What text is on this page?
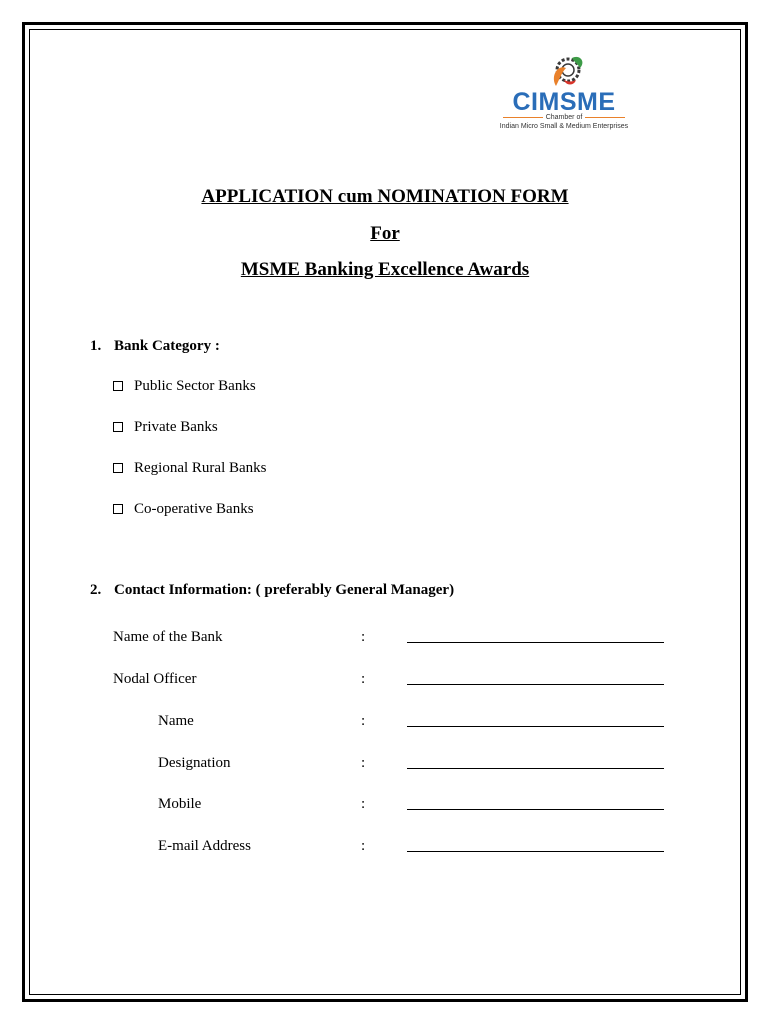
CIMSME
Chamber of
Indian Micro Small & Medium Enterprises
APPLICATION cum NOMINATION FORM
For
MSME Banking Excellence Awards
1. Bank Category :
Public Sector Banks
Private Banks
Regional Rural Banks
Co-operative Banks
2. Contact Information: ( preferably General Manager)
Name of the Bank	:
Nodal Officer	:
Name	:
Designation	:
Mobile	:
E-mail Address	:
